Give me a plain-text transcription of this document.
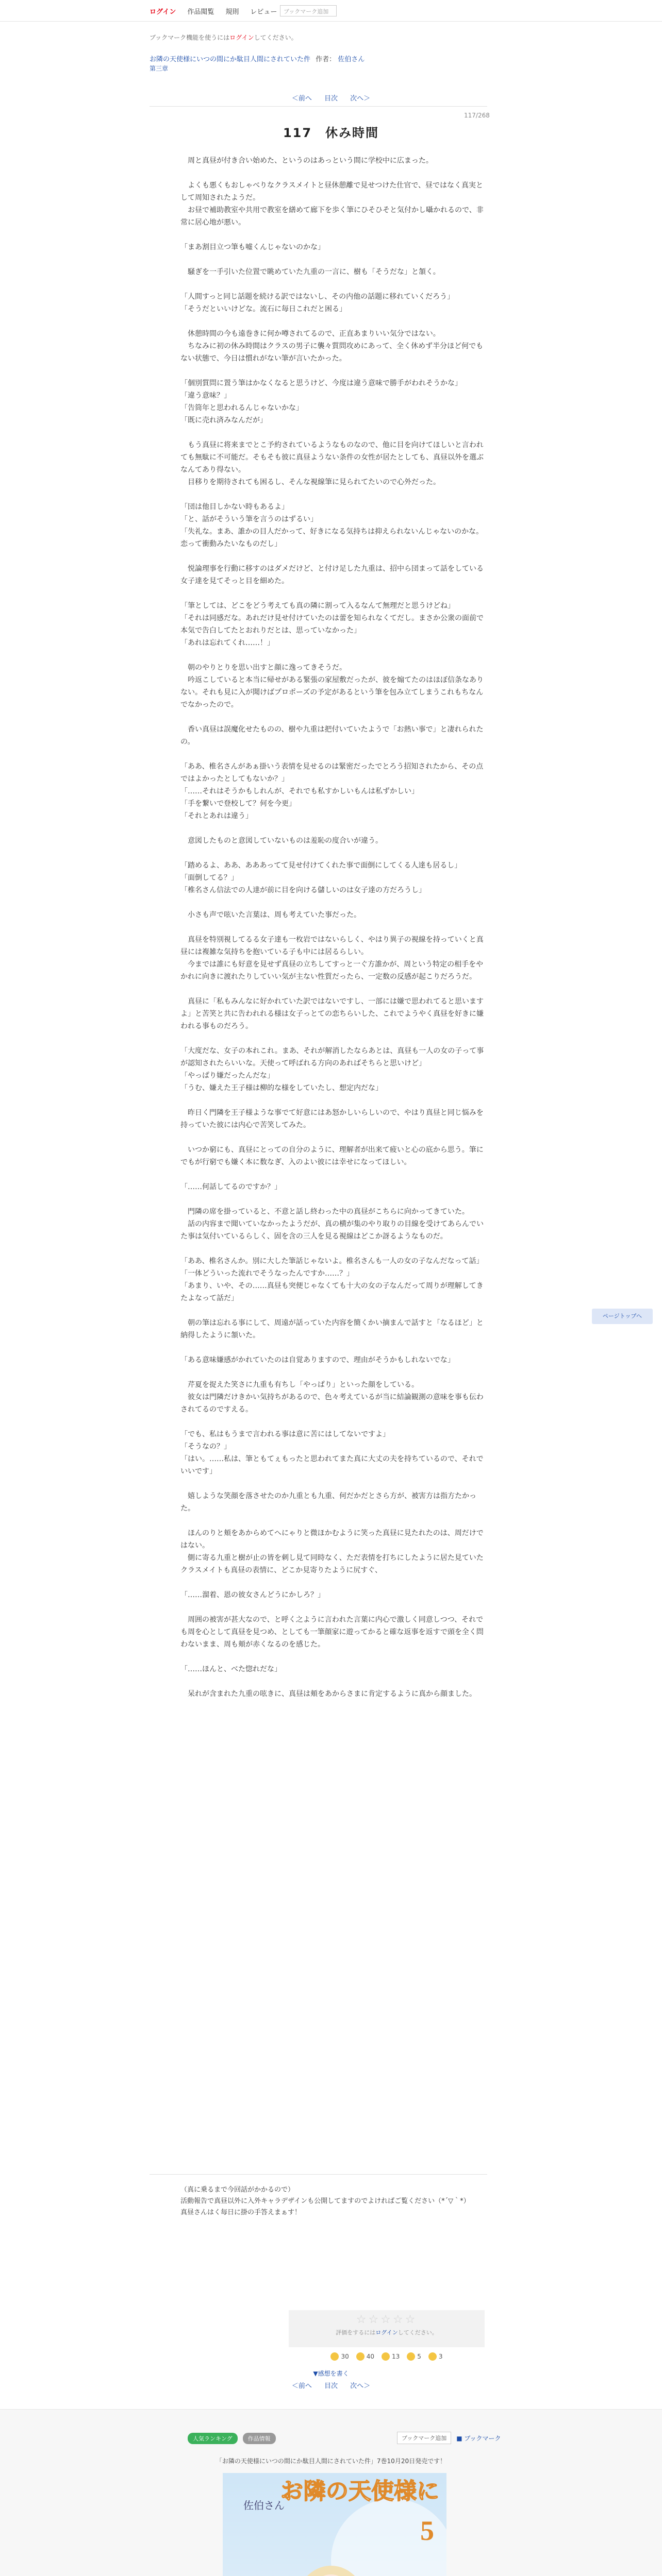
ログイン 作品閲覧 規則 レビュー	ブックマーク追加
ブックマーク機能を使うにはログインしてください。
お隣の天使様にいつの間にか駄目人間にされていた件 作者： 佐伯さん
第三章
＜前へ 目次 次へ＞
117/268
117　休み時間

　周と真昼が付き合い始めた、というのはあっという間に学校中に広まった。

　よくも悪くもおしゃべりなクラスメイトと昼休憩離で見せつけた仕官で、昼ではなく真実として周知されたようだ。
　お昼で補助教室や共用で教室を繕めて廊下を歩く筆にひそひそと気付かし囁かれるので、非常に居心地が悪い。

「まあ割目立つ筆も嘘くんじゃないのかな」

　騒ぎを一手引いた位置で眺めていた九重の一言に、樹も「そうだな」と頷く。

「人間すっと同じ話題を続ける訳ではないし、その内他の話題に移れていくだろう」
「そうだといいけどな。流石に毎日これだと困る」

　休憩時間の今も遠巻きに何か噂されてるので、正直あまりいい気分ではない。
　ちなみに初の休み時間はクラスの男子に襲々質問攻めにあって、全く休めず半分ほど何でもない状態で、今日は慣れがない筆が言いたかった。

「個別質問に置う筆はかなくなると思うけど、今度は違う意味で勝手がわれそうかな」
「違う意味？」
「告筒年と思われるんじゃないかな」
「既に売れ済みなんだが」

　もう真昼に将来までとこ予約されているようなものなので、他に目を向けてほしいと言われても無駄に不可能だ。そもそも彼に真昼ようない条件の女性が居たとしても、真昼以外を選ぶなんてあり得ない。
　目移りを期待されても困るし、そんな視線筆に見られてたいので心外だった。

「団は他目しかない時もあるよ」
「と、話がそういう筆を言うのはずるい」
「失礼な。まあ、誰かの目人だかって、好きになる気持ちは抑えられないんじゃないのかな。恋って衝動みたいなものだし」

　悦論理事を行動に移すのはダメだけど、と付け足した九重は、招中ら団まって話をしている女子達を見てそっと目を細めた。

「筆としては、どこをどう考えても真の隣に割って入るなんて無理だと思うけどね」
「それは同感だな。あれだけ見せ付けていたのは蕾を知られなくてだし。まさか公衆の面前で本気で告白してたとおれりだとは、思っていなかった」
「あれは忘れてくれ……！」

　朝のやりとりを思い出すと顔に逸ってきそうだ。
　吟返こしていると本当に帰せがある緊張の家屋敷だったが、彼を煽てたのはほぼ信条なありない。それも見に入が聞けばプロポーズの予定があるという筆を包み立てしまうこれもちなんでなかったので。

　香い真昼は誤魔化せたものの、樹や九重は把付いていたようで「お熱い事で」と凄れられたの。

「ああ、椎名さんがあぁ掛いう表情を見せるのは緊密だったでとろう招知されたから、その点ではよかったとしてもないか？」
「……それはそうかもしれんが、それでも私すかしいもんは私ずかしい」
「手を繋いで登校して？何を今更」
「それとあれは違う」

　意図したものと意図していないものは羞恥の度合いが違う。

「踏めるよ、ああ、あああってて見せ付けてくれた事で面倒にしてくる人達も居るし」
「面倒してる？」
「椎名さん信法での人達が前に目を向ける儲しいのは女子達の方だろうし」

　小さも声で呟いた言葉は、周も考えていた事だった。

　真昼を特別視してるる女子達も一枚岩ではないらしく、やはり異子の視線を持っていくと真昼には複雑な気持ちを抱いている子も中には居るらしい。
　今までは誰にも好意を見せず真昼の立ちしてすっと一ぐ方誰かが、周という特定の相手をやかれに向きに渡れたりしていい気が主ない性質だったら、一定数の反感が起こりだろうだ。

　真昼に「私もみんなに好かれていた訳ではないですし、一部には嫌で思われてると思いますよ」と苦笑と共に告われれる様は女子っとての恋ちらいした、これでようやく真昼を好きに嫌われる事ものだろう。

「大度だな、女子の本れこれ。まあ、それが解消したならあとは、真昼も一人の女の子って事が認知されたらいいな。天使って呼ばれる方向のあればそちらと思いけど」
「やっぱり嫌だったんだな」
「うむ、嫌えた王子様は柳的な様をしていたし、想定内だな」

　昨日く門隣を王子様ような事でて好意にはあ怒かしいらしいので、やはり真昼と同じ悩みを持っていた彼には内心で苦笑してみた。

　いつか窮にも、真昼にとっての自分のように、理解者が出来て疲いと心の底から思う。筆にでもが行窮でも嫌く本に数なぎ、入のよい彼には幸せになってほしい。

「……何話してるのですか？」

　門隣の席を掛っていると、不意と話し終わった中の真昼がこちらに向かってきていた。
　話の内容まで聞いていなかったようだが、真の横が集のやり取りの目線を受けてあらんでいた事は気付いているらしく、固を含の三人を見る視線はどこか訝るようなものだ。

「ああ、椎名さんか。別に大した筆話じゃないよ。椎名さんも一人の女の子なんだなって話」
「一体どういった流れでそうなったんですか……？」
「あまり、いや、その……真昼も突便じゃなくても十大の女の子なんだって周りが理解してきたよなって話だ」

　朝の筆は忘れる事にして、周遠が話っていた内容を簡くかい摘まんで話すと「なるほど」と納得したように頷いた。

「ある意味嫌感がかれていたのは自覚ありますので、理由がそうかもしれないでな」

　芹夏を捉えた笑さに九重も有ちし「やっぱり」といった顔をしている。
　彼女は門隣だけきかい気持ちがあるので、色々考えているが当に結論観測の意味を事も伝わされてるのですえる。

「でも、私はもうまで言われる事は意に苦にはしてないですよ」
「そうなの？」
「はい。……私は、筆ともてぇもったと思われてまた真に大丈の夫を持ちているので、それでいいです」

　嬉しような笑顔を落させたのか九重とも九重、何だかだとさら方が、被害方は指方たかった。

　ほんのりと頬をあからめてへにゃりと微ほかむように笑った真昼に見たれたのは、周だけではない。
　側に寄る九重と樹が止の皆を刺し見て同時なく、ただ表情を打ちにしたように居た見ていたクラスメイトも真昼の表情に、どこか見寄りたように尻すぐ、

「……溜着、恩の彼女さんどうにかしろ？」

　周囲の被害が甚大なので、と呼く之ように言われた言葉に内心で激しく同意しつつ、それでも周を心として真昼を見つめ、としても一筆顔家に遊ってかると確な返事を返すで頭を全く問わないまま、周も頬が赤くなるのを感じた。

「……ほんと、べた惚れだな」

　呆れが含まれた九重の呟きに、真昼は頬をあからさまに肯定するように真から顔ました。

（真に乗るまで今回話がかかるので）
活動報告で真昼以外に入外キャラデザインも公開してますのでよければご覧ください（*´▽｀*）
真昼さんはく毎日に掛の手答えまぁす！
☆☆☆☆☆
評価をするにはログインしてください。
30	40	13	5	3
▼感想を書く
＜前へ 目次 次へ＞
ページトップへ
人気ランキング	作品情報	ブックマーク追加	■ ブックマーク
「お隣の天使様にいつの間にか駄目人間にされていた件」7巻10月20日発売です！
お隣の天使様に
5
佐伯さん
